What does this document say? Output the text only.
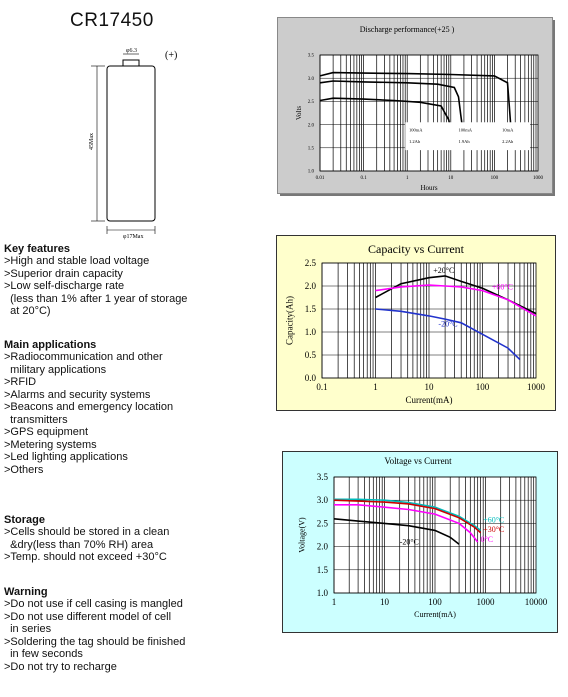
CR17450
φ6.3	(+)
45Max
φ17Max

Key features

>High and stable load voltage

>Superior drain capacity

>Low self-discharge rate

(less than 1% after 1 year of storage

at 20°C)

Main applications

>Radiocommunication and other

military applications

>RFID

>Alarms and security systems

>Beacons and emergency location

transmitters

>GPS equipment

>Metering systems

>Led lighting applications

>Others

Storage

>Cells should be stored in a clean

&dry(less than 70% RH) area

>Temp. should not exceed +30°C

Warning

>Do not use if cell casing is mangled

>Do not use different model of cell

in series

>Soldering the tag should be finished

in few seconds

>Do not try to recharge

Discharge performance(+25 )
0.01	0.1	1	10	100	1000
1.0
1.5
2.0
2.5
3.0
3.5
Hours
Volts
100mA
1.2Ah
100mA
1.9Ah
10mA
2.2Ah
Capacity vs Current
0.1	1	10	100	1000
0.0
0.5
1.0
1.5
2.0
2.5
Current(mA)
Capacity(Ah)
+20°C
+60°C
-20°C
Voltage vs Current
1	10	100	1000	10000
1.0
1.5
2.0
2.5
3.0
3.5
Current(mA)
Voltage(V)	+60°C
+30°C
0°C
-20°C
